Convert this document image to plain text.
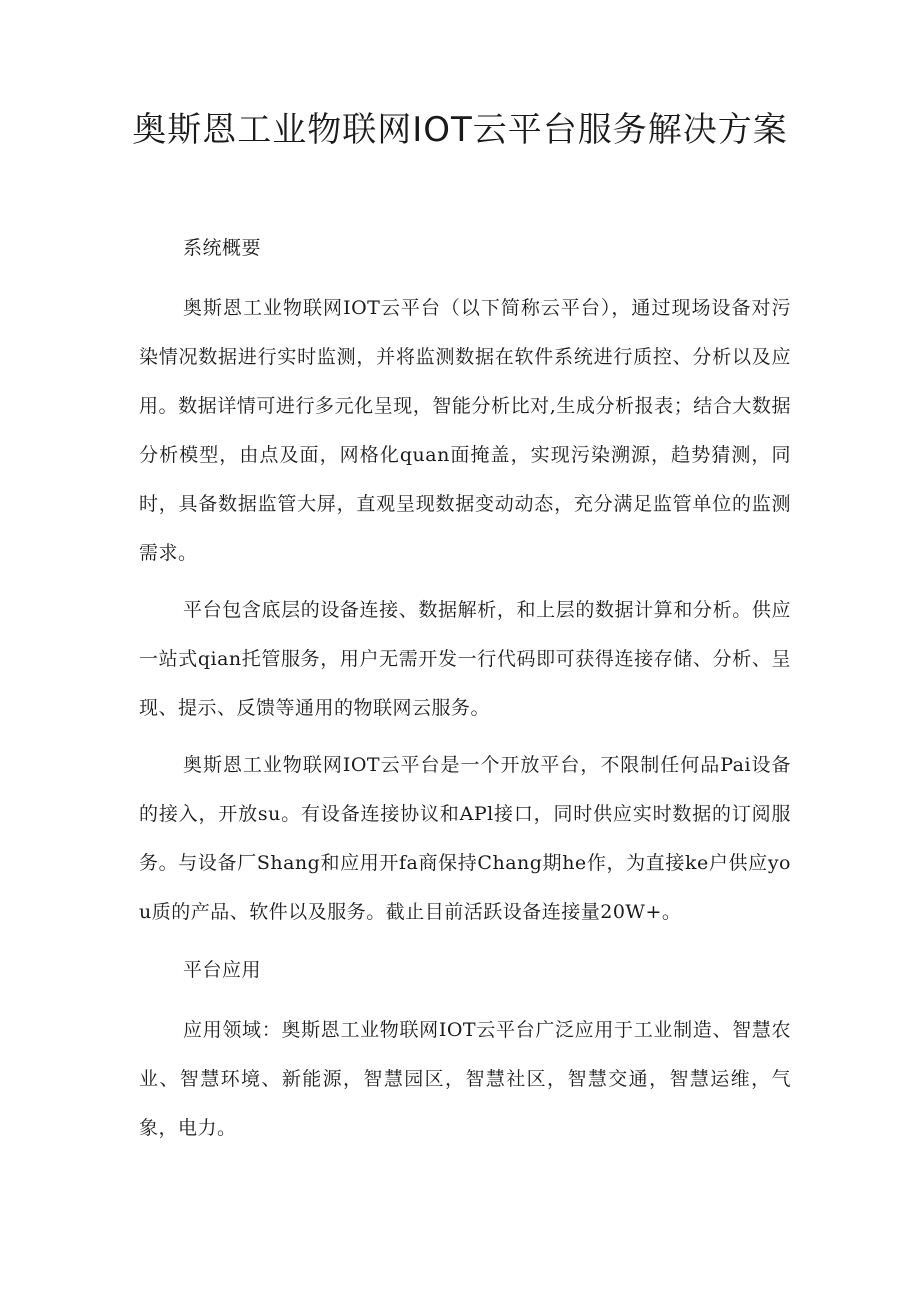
奥斯恩工业物联网IOT云平台服务解决方案

系统概要

奥斯恩工业物联网IOT云平台（以下简称云平台），通过现场设备对污染情况数据进行实时监测，并将监测数据在软件系统进行质控、分析以及应用。数据详情可进行多元化呈现，智能分析比对,生成分析报表；结合大数据分析模型，由点及面，网格化quan面掩盖，实现污染溯源，趋势猜测，同时，具备数据监管大屏，直观呈现数据变动动态，充分满足监管单位的监测需求。

平台包含底层的设备连接、数据解析，和上层的数据计算和分析。供应一站式qian托管服务，用户无需开发一行代码即可获得连接存储、分析、呈现、提示、反馈等通用的物联网云服务。

奥斯恩工业物联网IOT云平台是一个开放平台，不限制任何品Pai设备的接入，开放su。有设备连接协议和APl接口，同时供应实时数据的订阅服务。与设备厂Shang和应用开fa商保持Chang期he作，为直接ke户供应you质的产品、软件以及服务。截止目前活跃设备连接量20W+。

平台应用

应用领域：奥斯恩工业物联网IOT云平台广泛应用于工业制造、智慧农业、智慧环境、新能源，智慧园区，智慧社区，智慧交通，智慧运维，气象，电力。
